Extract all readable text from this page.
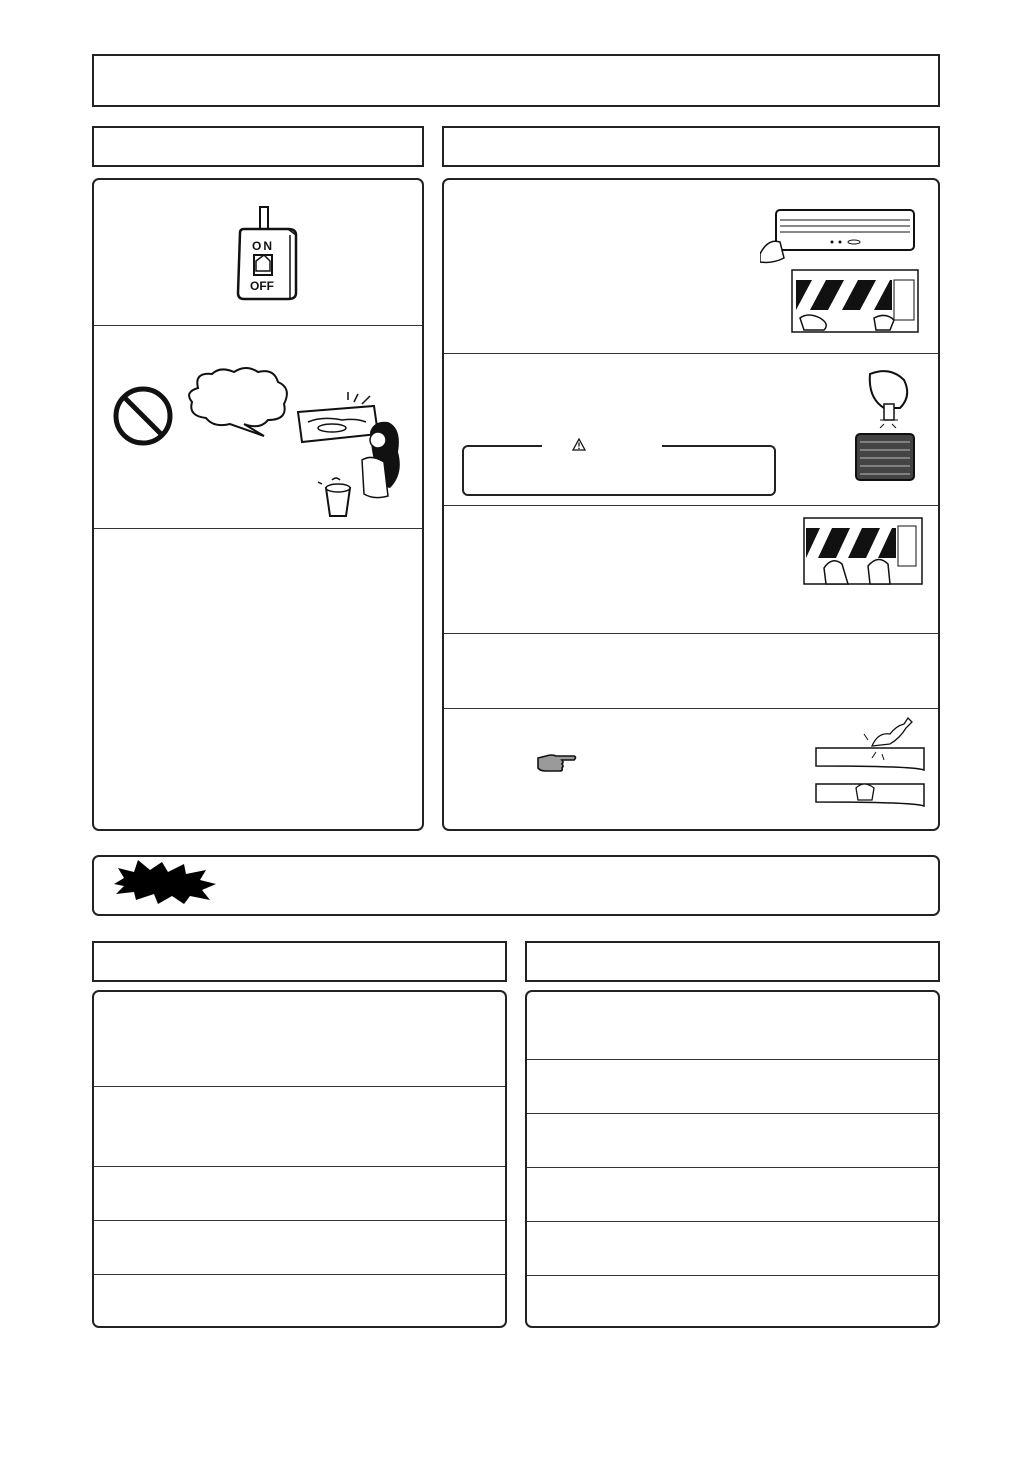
ON
OFF
